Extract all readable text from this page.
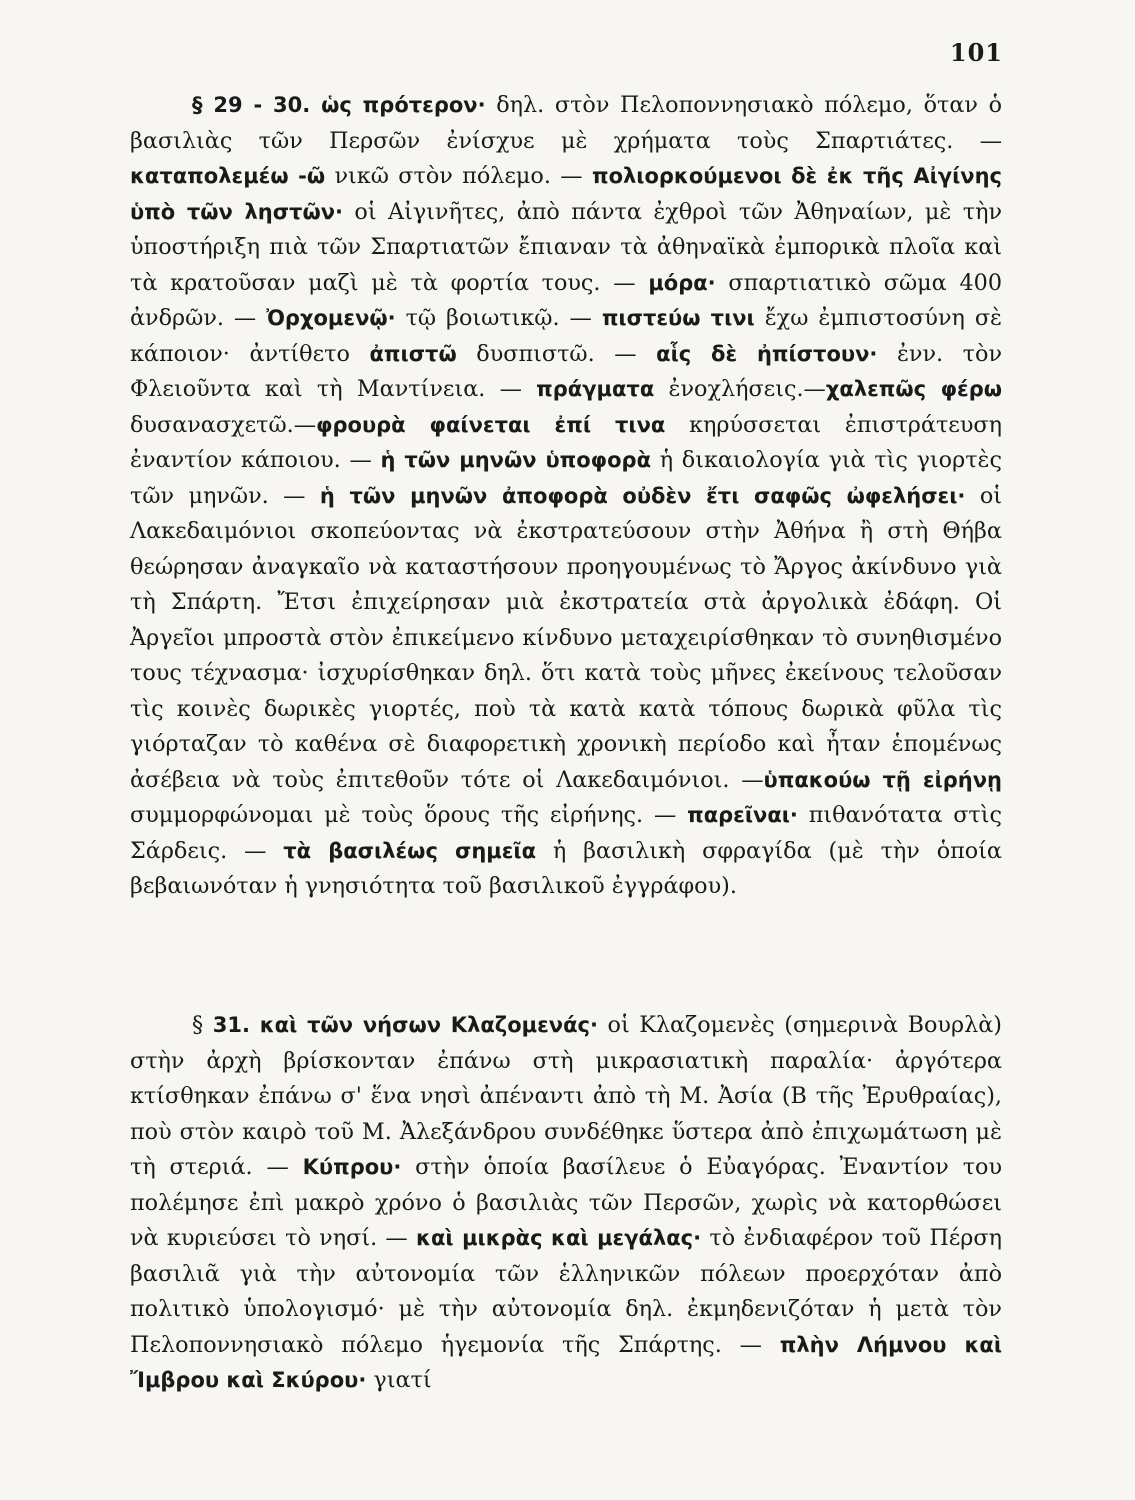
101
§ 29 - 30. ὡς πρότερον· δηλ. στὸν Πελοποννησιακὸ πόλεμο, ὅταν ὁ βασιλιὰς τῶν Περσῶν ἐνίσχυε μὲ χρήματα τοὺς Σπαρτιάτες. — καταπολεμέω -ῶ νικῶ στὸν πόλεμο. — πολιορκούμενοι δὲ ἐκ τῆς Αἰγίνης ὑπὸ τῶν ληστῶν· οἱ Αἰγινῆτες, ἀπὸ πάντα ἐχθροὶ τῶν Ἀθηναίων, μὲ τὴν ὑποστήριξη πιὰ τῶν Σπαρτιατῶν ἔπιαναν τὰ ἀθηναϊκὰ ἐμπορικὰ πλοῖα καὶ τὰ κρατοῦσαν μαζὶ μὲ τὰ φορτία τους. — μόρα· σπαρτιατικὸ σῶμα 400 ἀνδρῶν. — Ὀρχομενῷ· τῷ βοιωτικῷ. — πιστεύω τινι ἔχω ἐμπιστοσύνη σὲ κάποιον· ἀντίθετο ἀπιστῶ δυσπιστῶ. — αἷς δὲ ἠπίστουν· ἐνν. τὸν Φλειοῦντα καὶ τὴ Μαντίνεια. — πράγματα ἐνοχλήσεις.—χαλεπῶς φέρω δυσανασχετῶ.—φρουρὰ φαίνεται ἐπί τινα κηρύσσεται ἐπιστράτευση ἐναντίον κάποιου. — ἡ τῶν μηνῶν ὑποφορὰ ἡ δικαιολογία γιὰ τὶς γιορτὲς τῶν μηνῶν. — ἡ τῶν μηνῶν ἀποφορὰ οὐδὲν ἔτι σαφῶς ὠφελήσει· οἱ Λακεδαιμόνιοι σκοπεύοντας νὰ ἐκστρατεύσουν στὴν Ἀθήνα ἢ στὴ Θήβα θεώρησαν ἀναγκαῖο νὰ καταστήσουν προηγουμένως τὸ Ἄργος ἀκίνδυνο γιὰ τὴ Σπάρτη. Ἔτσι ἐπιχείρησαν μιὰ ἐκστρατεία στὰ ἀργολικὰ ἐδάφη. Οἱ Ἀργεῖοι μπροστὰ στὸν ἐπικείμενο κίνδυνο μεταχειρίσθηκαν τὸ συνηθισμένο τους τέχνασμα· ἰσχυρίσθηκαν δηλ. ὅτι κατὰ τοὺς μῆνες ἐκείνους τελοῦσαν τὶς κοινὲς δωρικὲς γιορτές, ποὺ τὰ κατὰ κατὰ τόπους δωρικὰ φῦλα τὶς γιόρταζαν τὸ καθένα σὲ διαφορετικὴ χρονικὴ περίοδο καὶ ἦταν ἑπομένως ἀσέβεια νὰ τοὺς ἐπιτεθοῦν τότε οἱ Λακεδαιμόνιοι. —ὑπακούω τῇ εἰρήνῃ συμμορφώνομαι μὲ τοὺς ὅρους τῆς εἰρήνης. — παρεῖναι· πιθανότατα στὶς Σάρδεις. — τὰ βασιλέως σημεῖα ἡ βασιλικὴ σφραγίδα (μὲ τὴν ὁποία βεβαιωνόταν ἡ γνησιότητα τοῦ βασιλικοῦ ἐγγράφου).
§ 31. καὶ τῶν νήσων Κλαζομενάς· οἱ Κλαζομενὲς (σημερινὰ Βουρλὰ) στὴν ἀρχὴ βρίσκονταν ἐπάνω στὴ μικρασιατικὴ παραλία· ἀργότερα κτίσθηκαν ἐπάνω σ' ἕνα νησὶ ἀπέναντι ἀπὸ τὴ Μ. Ἀσία (Β τῆς Ἐρυθραίας), ποὺ στὸν καιρὸ τοῦ Μ. Ἀλεξάνδρου συνδέθηκε ὕστερα ἀπὸ ἐπιχωμάτωση μὲ τὴ στεριά. — Κύπρου· στὴν ὁποία βασίλευε ὁ Εὐαγόρας. Ἐναντίον του πολέμησε ἐπὶ μακρὸ χρόνο ὁ βασιλιὰς τῶν Περσῶν, χωρὶς νὰ κατορθώσει νὰ κυριεύσει τὸ νησί. — καὶ μικρὰς καὶ μεγάλας· τὸ ἐνδιαφέρον τοῦ Πέρση βασιλιᾶ γιὰ τὴν αὐτονομία τῶν ἑλληνικῶν πόλεων προερχόταν ἀπὸ πολιτικὸ ὑπολογισμό· μὲ τὴν αὐτονομία δηλ. ἐκμηδενιζόταν ἡ μετὰ τὸν Πελοποννησιακὸ πόλεμο ἡγεμονία τῆς Σπάρτης. — πλὴν Λήμνου καὶ Ἴμβρου καὶ Σκύρου· γιατί
